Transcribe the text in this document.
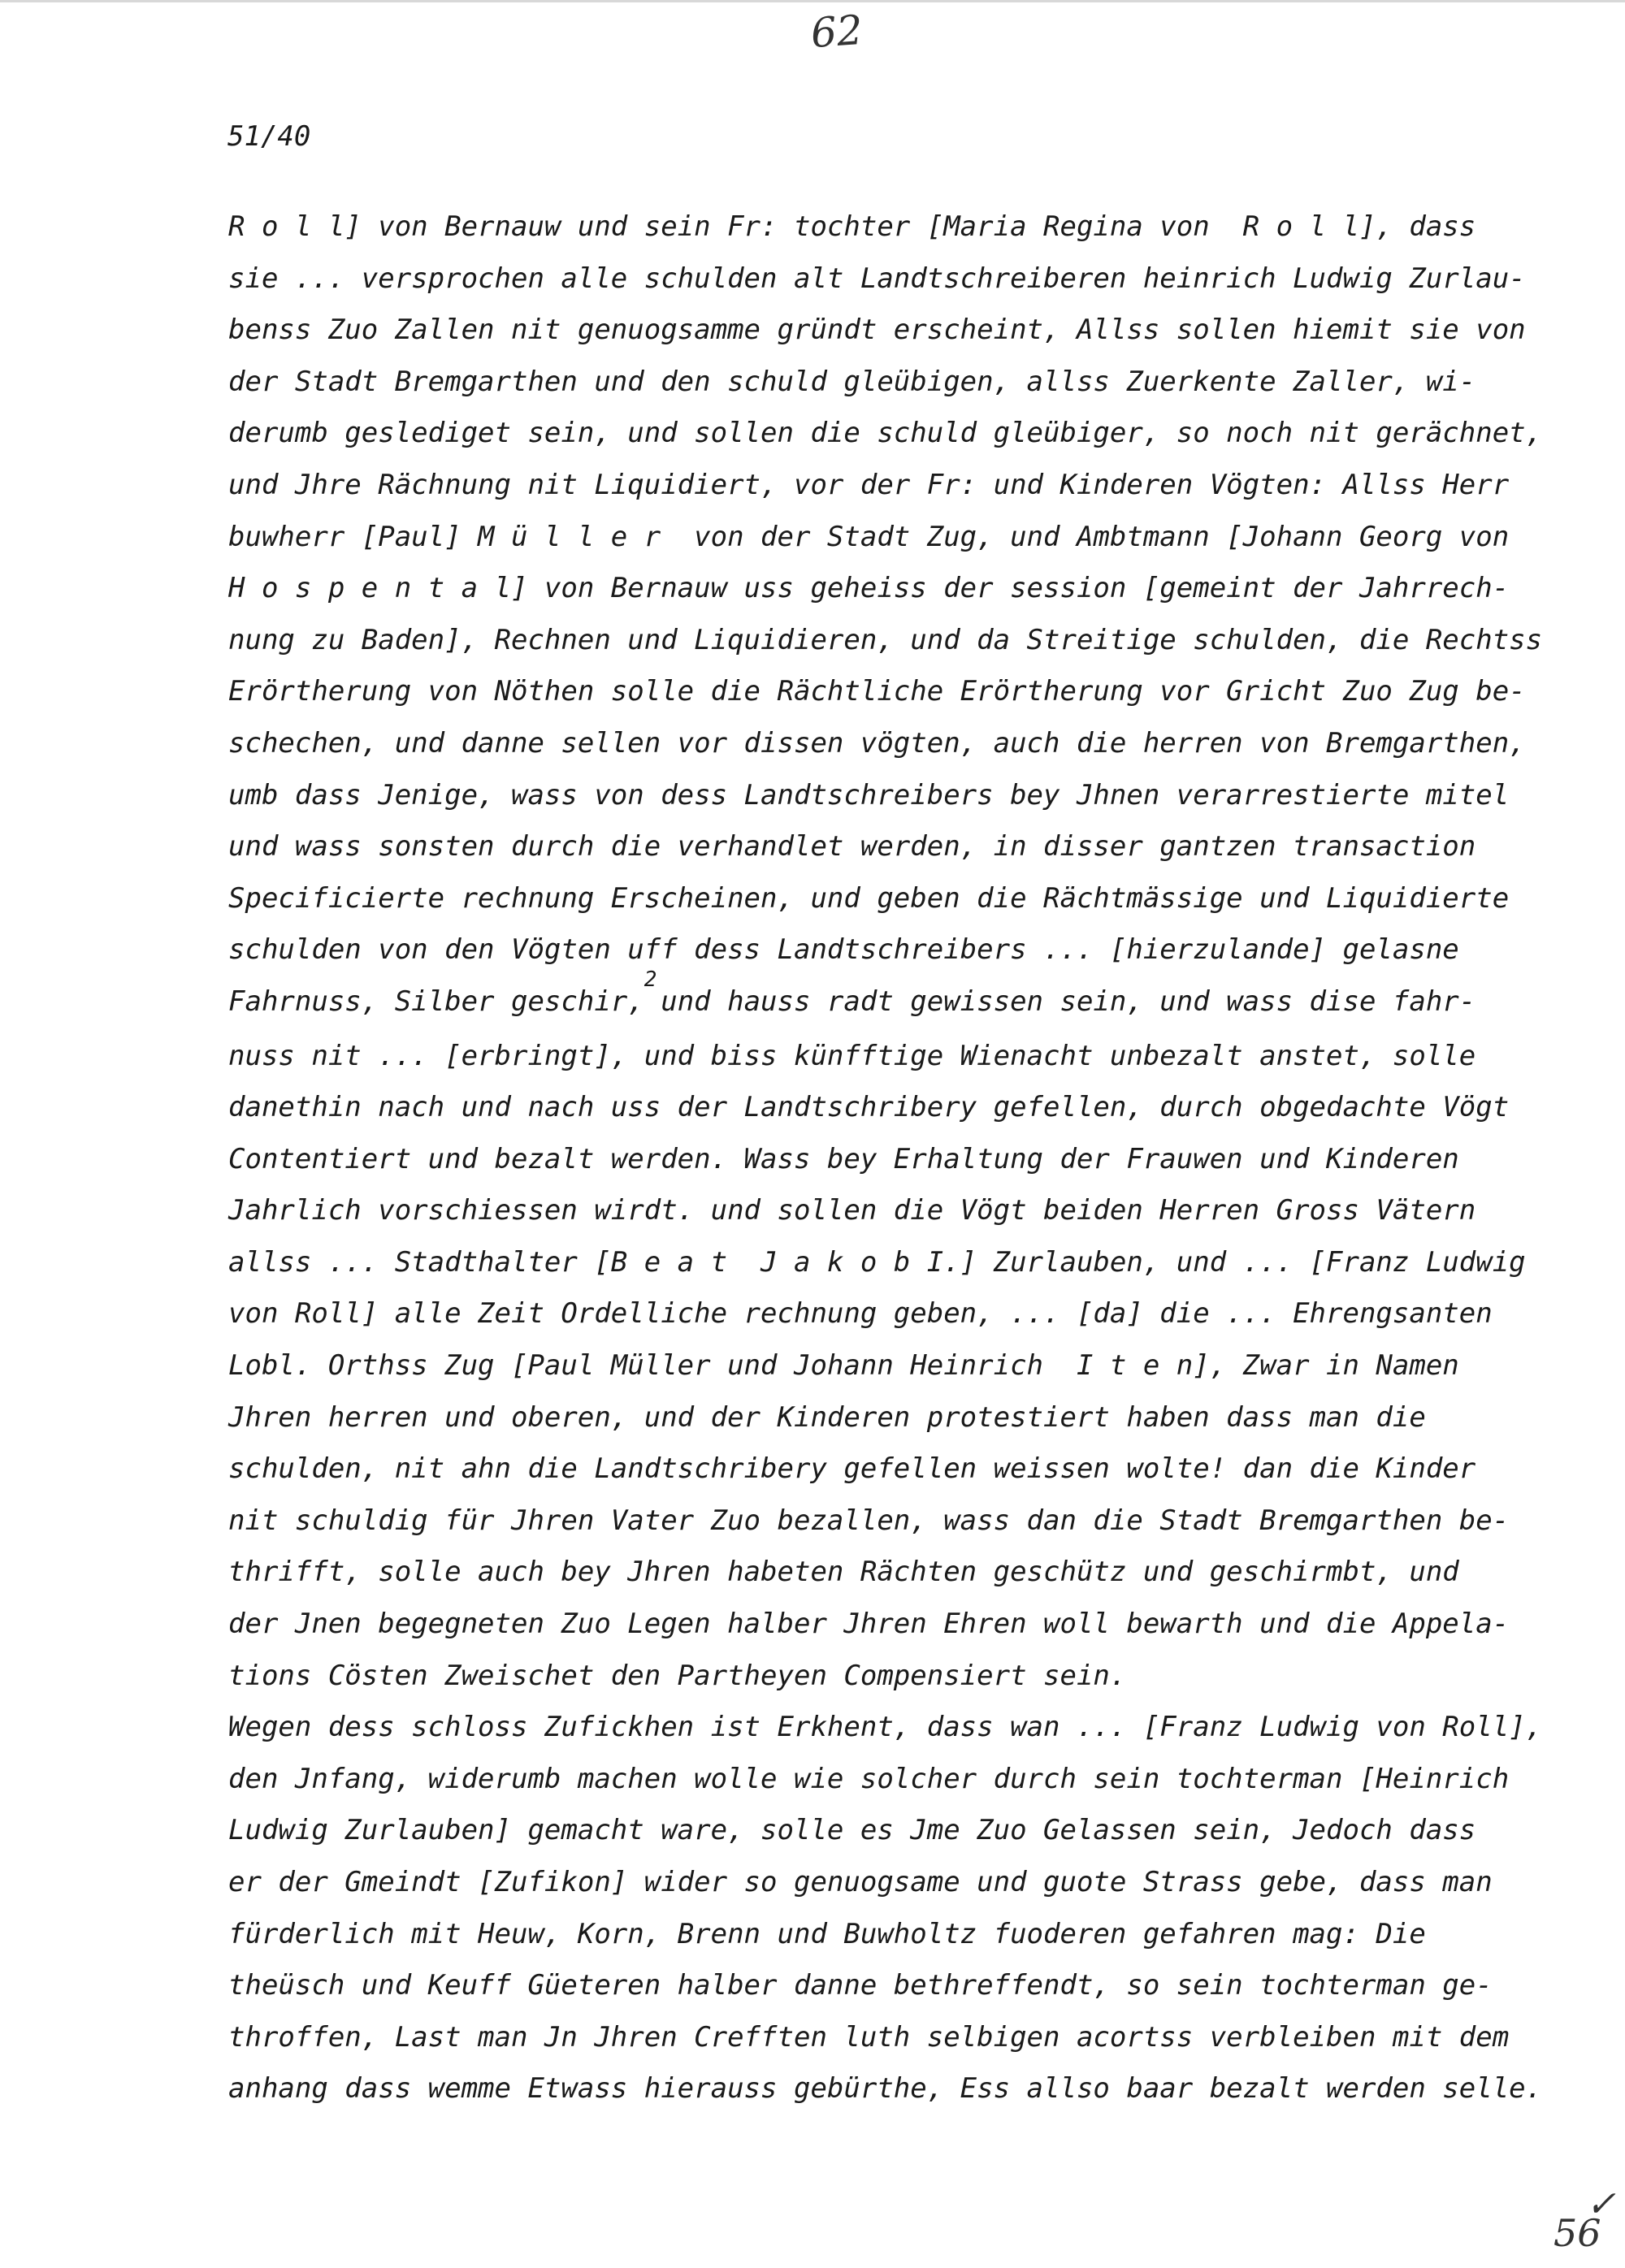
62
51/40
R o l l] von Bernauw und sein Fr: tochter [Maria Regina von  R o l l], dass
sie ... versprochen alle schulden alt Landtschreiberen heinrich Ludwig Zurlau-
benss Zuo Zallen nit genuogsamme gründt erscheint, Allss sollen hiemit sie von
der Stadt Bremgarthen und den schuld gleübigen, allss Zuerkente Zaller, wi-
derumb geslediget sein, und sollen die schuld gleübiger, so noch nit gerächnet,
und Jhre Rächnung nit Liquidiert, vor der Fr: und Kinderen Vögten: Allss Herr
buwherr [Paul] M ü l l e r  von der Stadt Zug, und Ambtmann [Johann Georg von
H o s p e n t a l] von Bernauw uss geheiss der session [gemeint der Jahrrech-
nung zu Baden], Rechnen und Liquidieren, und da Streitige schulden, die Rechtss
Erörtherung von Nöthen solle die Rächtliche Erörtherung vor Gricht Zuo Zug be-
schechen, und danne sellen vor dissen vögten, auch die herren von Bremgarthen,
umb dass Jenige, wass von dess Landtschreibers bey Jhnen verarrestierte mitel
und wass sonsten durch die verhandlet werden, in disser gantzen transaction
Specificierte rechnung Erscheinen, und geben die Rächtmässige und Liquidierte
schulden von den Vögten uff dess Landtschreibers ... [hierzulande] gelasne
Fahrnuss, Silber geschir,2 und hauss radt gewissen sein, und wass dise fahr-
nuss nit ... [erbringt], und biss künfftige Wienacht unbezalt anstet, solle
danethin nach und nach uss der Landtschribery gefellen, durch obgedachte Vögt
Contentiert und bezalt werden. Wass bey Erhaltung der Frauwen und Kinderen
Jahrlich vorschiessen wirdt. und sollen die Vögt beiden Herren Gross Vätern
allss ... Stadthalter [B e a t  J a k o b I.] Zurlauben, und ... [Franz Ludwig
von Roll] alle Zeit Ordelliche rechnung geben, ... [da] die ... Ehrengsanten
Lobl. Orthss Zug [Paul Müller und Johann Heinrich  I t e n], Zwar in Namen
Jhren herren und oberen, und der Kinderen protestiert haben dass man die
schulden, nit ahn die Landtschribery gefellen weissen wolte! dan die Kinder
nit schuldig für Jhren Vater Zuo bezallen, wass dan die Stadt Bremgarthen be-
thrifft, solle auch bey Jhren habeten Rächten geschütz und geschirmbt, und
der Jnen begegneten Zuo Legen halber Jhren Ehren woll bewarth und die Appela-
tions Cösten Zweischet den Partheyen Compensiert sein.
Wegen dess schloss Zufickhen ist Erkhent, dass wan ... [Franz Ludwig von Roll],
den Jnfang, widerumb machen wolle wie solcher durch sein tochterman [Heinrich
Ludwig Zurlauben] gemacht ware, solle es Jme Zuo Gelassen sein, Jedoch dass
er der Gmeindt [Zufikon] wider so genuogsame und guote Strass gebe, dass man
fürderlich mit Heuw, Korn, Brenn und Buwholtz fuoderen gefahren mag: Die
theüsch und Keuff Güeteren halber danne bethreffendt, so sein tochterman ge-
throffen, Last man Jn Jhren Crefften luth selbigen acortss verbleiben mit dem
anhang dass wemme Etwass hierauss gebürthe, Ess allso baar bezalt werden selle.
✓
56
